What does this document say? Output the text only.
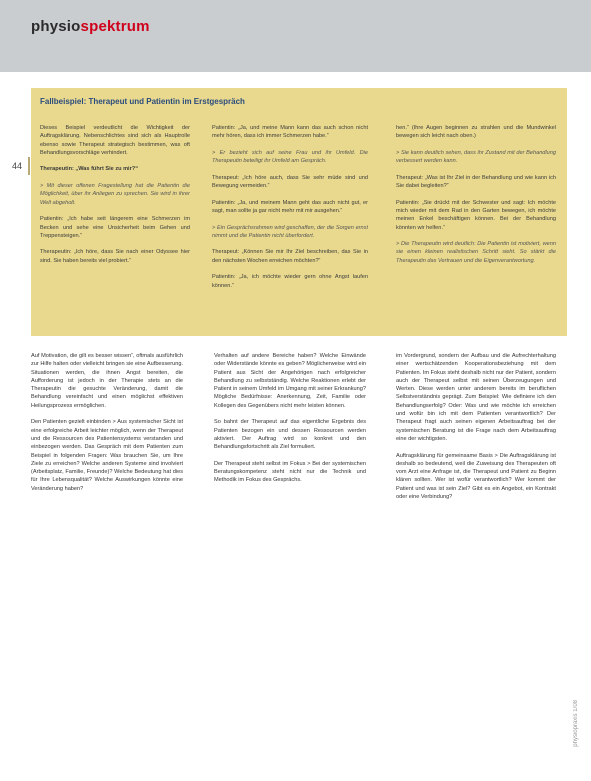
physiospektrum
44
Fallbeispiel: Therapeut und Patientin im Erstgespräch

Dieses Beispiel verdeutlicht die Wichtigkeit der Auftragsklärung. Nebenschlichtes sind sich als Hauptrolle ebenso sowie Therapeut strategisch bestimmen, was oft Behandlungsvorschläge verhindert.

Therapeutin: „Was führt Sie zu mir?“

> Mit dieser offenen Fragestellung hat die Patientin die Möglichkeit, über ihr Anliegen zu sprechen. Sie wird in ihrer Welt abgeholt.

Patientin: „Ich habe seit längerem eine Schmerzen im Becken und sehe eine Unsicherheit beim Gehen und Treppensteigen.“

Therapeutin: „Ich höre, dass Sie nach einer Odyssee hier sind. Sie haben bereits viel probiert.“

Patientin: „Ja, und meine Mann kann das auch schon nicht mehr hören, dass ich immer Schmerzen habe.“

> Er bezieht sich auf seine Frau und ihr Umfeld. Die Therapeutin beteiligt ihr Umfeld am Gespräch.

Therapeut: „Ich höre auch, dass Sie sehr müde sind und Bewegung vermeiden.“

Patientin: „Ja, und meinem Mann geht das auch nicht gut, er sagt, man sollte ja gar nicht mehr mit mir ausgehen.“

> Ein Gesprächsrahmen wird geschaffen, der die Sorgen ernst nimmt und die Patientin nicht überfordert.

Therapeut: „Können Sie mir Ihr Ziel beschreiben, das Sie in den nächsten Wochen erreichen möchten?“

Patientin: „Ja, ich möchte wieder gern ohne Angst laufen können.“

hen.“ (Ihre Augen beginnen zu strahlen und die Mundwinkel bewegen sich leicht nach oben.)

> Sie kann deutlich sehen, dass ihr Zustand mit der Behandlung verbessert werden kann.

Therapeut: „Was ist Ihr Ziel in der Behandlung und wie kann ich Sie dabei begleiten?“

Patientin: „Sie drückt mit der Schwester und sagt: Ich möchte mich wieder mit dem Rad in den Garten bewegen, ich möchte meinen Enkel beschäftigen können. Bei der Behandlung könnten wir helfen.“

> Die Therapeutin wird deutlich: Die Patientin ist motiviert, wenn sie einen kleinen realistischen Schritt sieht. So stärkt die Therapeutin das Vertrauen und die Eigenverantwortung.

Auf Motivation, die gilt es besser wissen“, oftmals ausführlich zur Hilfe halten oder vielleicht bringen sie eine Aufbesserung. Situationen werden, die ihnen Angst bereiten, die Aufforderung ist jedoch in der Therapie stets an die Therapeutin die gesuchte Veränderung, damit die Behandlung vereinfacht und einen möglichst effektiven Heilungsprozess ermöglichen.

Den Patienten gezielt einbinden > Aus systemischer Sicht ist eine erfolgreiche Arbeit leichter möglich, wenn der Therapeut und die Ressourcen des Patientensystems verstanden und einbezogen werden. Das Gespräch mit dem Patienten zum Beispiel in folgenden Fragen: Was brauchen Sie, um Ihre Ziele zu erreichen? Welche anderen Systeme sind involviert (Arbeitsplatz, Familie, Freunde)? Welche Bedeutung hat dies für Ihre Lebensqualität? Welche Auswirkungen könnte eine Veränderung haben?

Verhalten auf andere Bereiche haben? Welche Einwände oder Widerstände könnte es geben? Möglicherweise wird ein Patient aus Sicht der Angehörigen nach erfolgreicher Behandlung zu selbstständig. Welche Reaktionen erlebt der Patient in seinem Umfeld im Umgang mit seiner Erkrankung? Mögliche Bedürfnisse: Anerkennung, Zeit, Familie oder Kollegen des Gegenübers nicht mehr leisten können.

So bahnt der Therapeut auf das eigentliche Ergebnis des Patienten bezogen ein und dessen Ressourcen werden aktiviert. Der Auftrag wird so konkret und den Behandlungsfortschritt als Ziel formuliert.

Der Therapeut steht selbst im Fokus > Bei der systemischen Beratungskompetenz steht nicht nur die Technik und Methodik im Fokus des Gesprächs.

im Vordergrund, sondern der Aufbau und die Aufrechterhaltung einer wertschätzenden Kooperationsbeziehung mit dem Patienten. Im Fokus steht deshalb nicht nur der Patient, sondern auch der Therapeut selbst mit seinen Überzeugungen und Werten. Diese werden unter anderem bereits im beruflichen Selbstverständnis geprägt. Zum Beispiel: Wie definiere ich den Behandlungserfolg? Oder: Was und wie möchte ich erreichen und wofür bin ich mit dem Patienten verantwortlich? Der Therapeut fragt auch seinen eigenen Arbeitsauftrag bei der systemischen Beratung ist die Frage nach dem Arbeitsauftrag eine der wichtigsten.

Auftragsklärung für gemeinsame Basis > Die Auftragsklärung ist deshalb so bedeutend, weil die Zuweisung des Therapeuten oft vom Arzt eine Anfrage ist, die Therapeut und Patient zu Beginn klären sollten. Wer ist wofür verantwortlich? Wer kommt der Patient und was ist sein Ziel? Gibt es ein Angebot, ein Kontrakt oder eine Verbindung?

physiopraxis 1/08
